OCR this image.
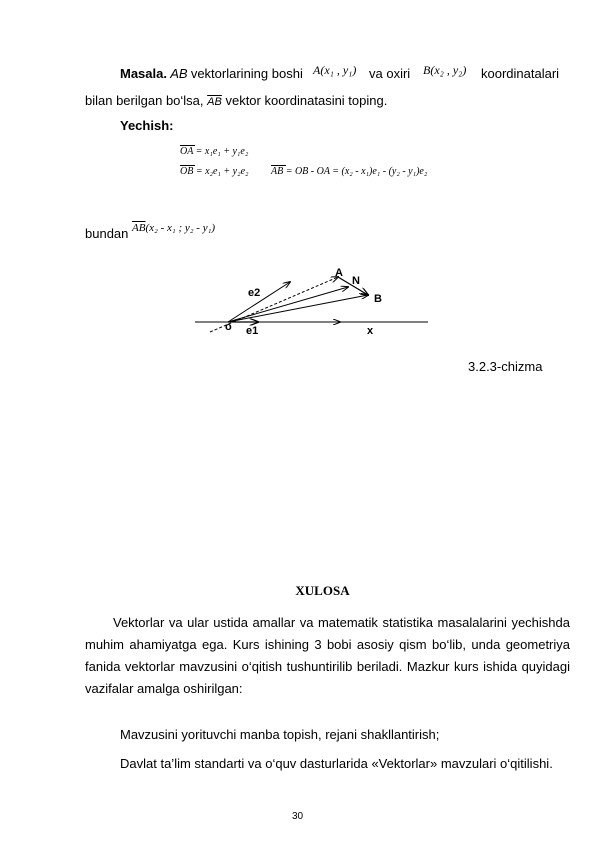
Masala. AB vektorlarining boshi A(x₁ , y₁) va oxiri B(x₂ , y₂) koordinatalari
bilan berilgan bo‘lsa, $\overline{AB}$ vektor koordinatasini toping.
Yechish:
OA = x₁e₁ + y₁e₂
OB = x₂e₁ + y₂e₂ AB = OB - OA = (x₂ - x₁)e₁ - (y₂ - y₁)e₂
bundan $\overline{AB}(x_2 - x_1$ ; y₂ - y₁)
A
N
B
o e1
e2
x
3.2.3-chizma
XULOSA
Vektorlar va ular ustida amallar va matematik statistika masalalarini yechishda muhim ahamiyatga ega. Kurs ishining 3 bobi asosiy qism bo‘lib, unda geometriya fanida vektorlar mavzusini o‘qitish tushuntirilib beriladi. Mazkur kurs ishida quyidagi vazifalar amalga oshirilgan:
Mavzusini yorituvchi manba topish, rejani shakllantirish;
Davlat ta’lim standarti va o‘quv dasturlarida «Vektorlar» mavzulari o‘qitilishi.
30
